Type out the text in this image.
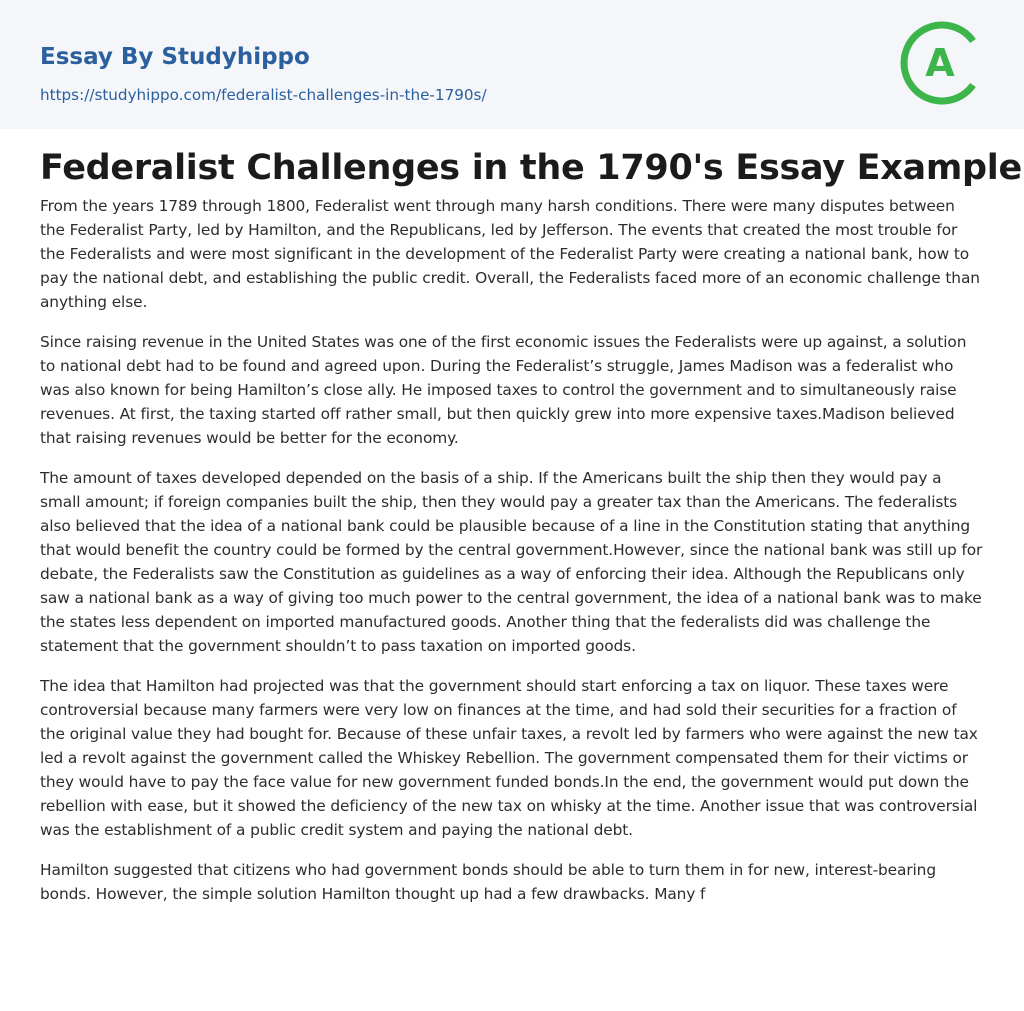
Essay By Studyhippo
https://studyhippo.com/federalist-challenges-in-the-1790s/
A
Federalist Challenges in the 1790's Essay Example

From the years 1789 through 1800, Federalist went through many harsh conditions. There were many disputes between the Federalist Party, led by Hamilton, and the Republicans, led by Jefferson. The events that created the most trouble for the Federalists and were most significant in the development of the Federalist Party were creating a national bank, how to pay the national debt, and establishing the public credit. Overall, the Federalists faced more of an economic challenge than anything else.

Since raising revenue in the United States was one of the first economic issues the Federalists were up against, a solution to national debt had to be found and agreed upon. During the Federalist’s struggle, James Madison was a federalist who was also known for being Hamilton’s close ally. He imposed taxes to control the government and to simultaneously raise revenues. At first, the taxing started off rather small, but then quickly grew into more expensive taxes.Madison believed that raising revenues would be better for the economy.

The amount of taxes developed depended on the basis of a ship. If the Americans built the ship then they would pay a small amount; if foreign companies built the ship, then they would pay a greater tax than the Americans. The federalists also believed that the idea of a national bank could be plausible because of a line in the Constitution stating that anything that would benefit the country could be formed by the central government.However, since the national bank was still up for debate, the Federalists saw the Constitution as guidelines as a way of enforcing their idea. Although the Republicans only saw a national bank as a way of giving too much power to the central government, the idea of a national bank was to make the states less dependent on imported manufactured goods. Another thing that the federalists did was challenge the statement that the government shouldn’t to pass taxation on imported goods.

The idea that Hamilton had projected was that the government should start enforcing a tax on liquor. These taxes were controversial because many farmers were very low on finances at the time, and had sold their securities for a fraction of the original value they had bought for. Because of these unfair taxes, a revolt led by farmers who were against the new tax led a revolt against the government called the Whiskey Rebellion. The government compensated them for their victims or they would have to pay the face value for new government funded bonds.In the end, the government would put down the rebellion with ease, but it showed the deficiency of the new tax on whisky at the time. Another issue that was controversial was the establishment of a public credit system and paying the national debt.

Hamilton suggested that citizens who had government bonds should be able to turn them in for new, interest-bearing bonds. However, the simple solution Hamilton thought up had a few drawbacks. Many f
